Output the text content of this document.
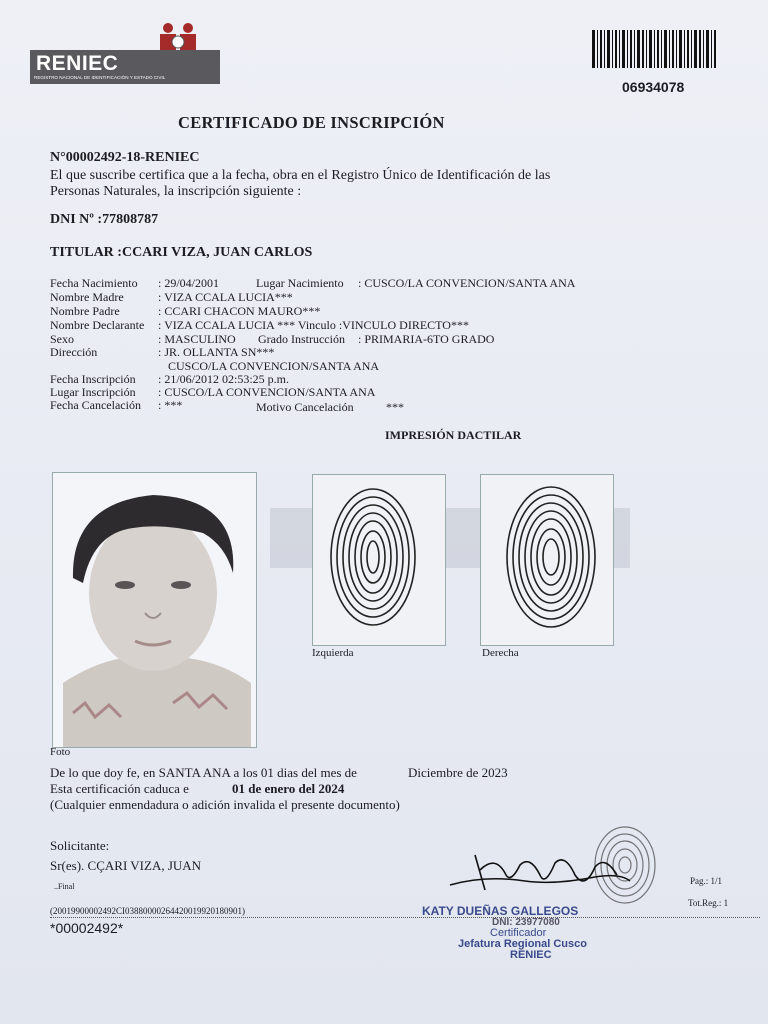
RENIEC
REGISTRO NACIONAL DE IDENTIFICACIÓN Y ESTADO CIVIL
06934078
CERTIFICADO DE INSCRIPCIÓN
N°00002492-18-RENIEC
El que suscribe certifica que a la fecha, obra en el Registro Único de Identificación de las
Personas Naturales, la inscripción siguiente :
DNI Nº :77808787
TITULAR :CCARI VIZA, JUAN CARLOS
Fecha Nacimiento : 29/04/2001	Lugar Nacimiento : CUSCO/LA CONVENCION/SANTA ANA
Nombre Madre	: VIZA CCALA LUCIA***
Nombre Padre	: CCARI CHACON MAURO***
Nombre Declarante : VIZA CCALA LUCIA *** Vinculo :VINCULO DIRECTO***
Sexo	: MASCULINO Grado Instrucción : PRIMARIA-6TO GRADO
Dirección	: JR. OLLANTA SN***
CUSCO/LA CONVENCION/SANTA ANA
Fecha Inscripción : 21/06/2012 02:53:25 p.m.
Lugar Inscripción : CUSCO/LA CONVENCION/SANTA ANA
Fecha Cancelación : ***	Motivo Cancelación	***
IMPRESIÓN DACTILAR
Foto
Izquierda	Derecha
De lo que doy fe, en SANTA ANA a los 01 dias del mes de	Diciembre de 2023
Esta certificación caduca e	01 de enero del 2024
(Cualquier enmendadura o adición invalida el presente documento)
Solicitante:
Sr(es). CÇARI VIZA, JUAN
..Final
(20019900002492CI03880000264420019920180901)
*00002492*
KATY DUEÑAS GALLEGOS
DNI: 23977080
Certificador
Jefatura Regional Cusco
RENIEC
Pag.: 1/1
Tot.Reg.: 1
